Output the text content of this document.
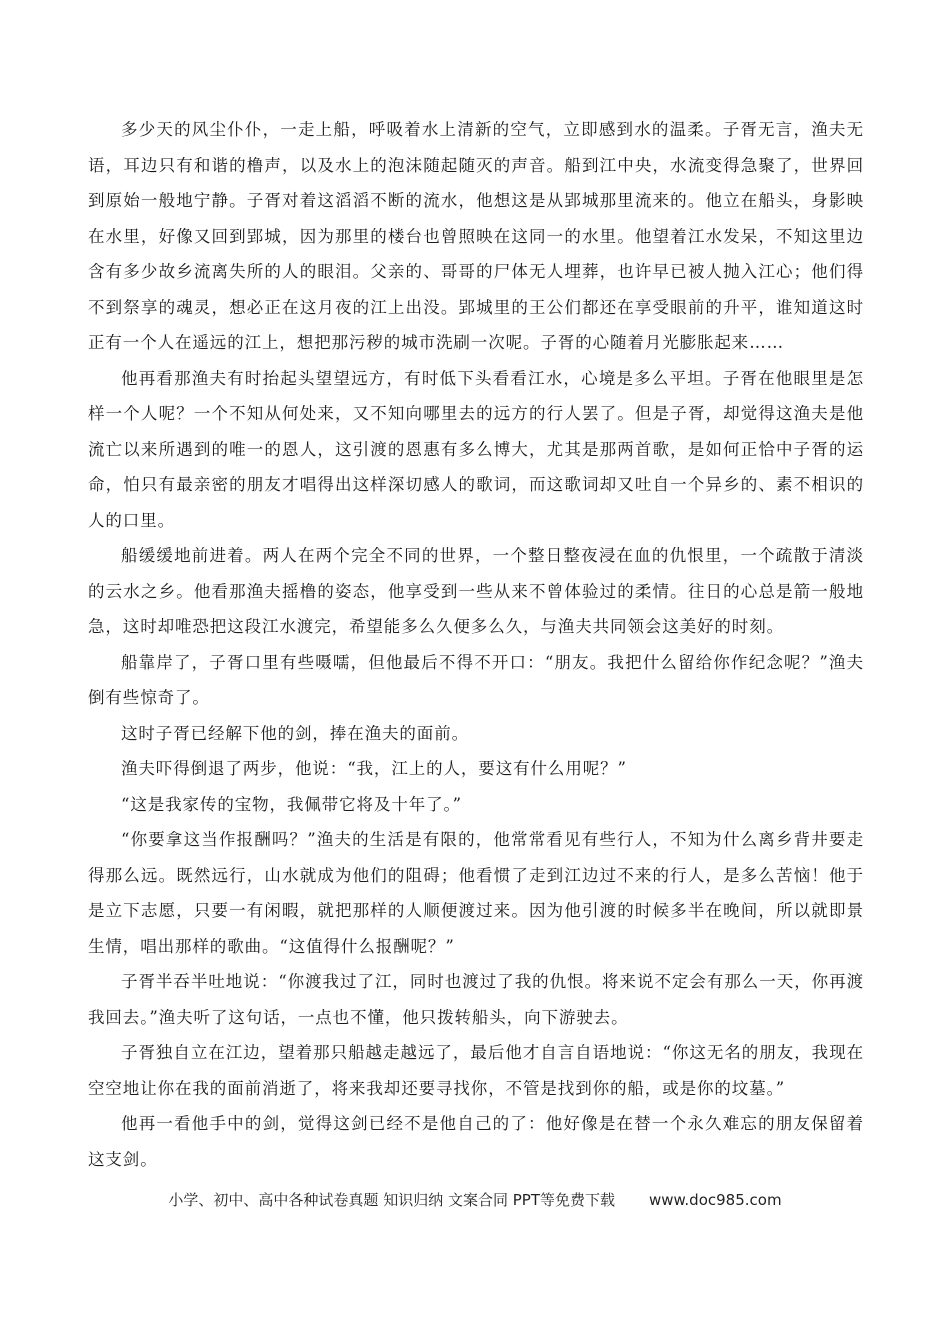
多少天的风尘仆仆，一走上船，呼吸着水上清新的空气，立即感到水的温柔。子胥无言，渔夫无语，耳边只有和谐的橹声，以及水上的泡沫随起随灭的声音。船到江中央，水流变得急聚了，世界回到原始一般地宁静。子胥对着这滔滔不断的流水，他想这是从郢城那里流来的。他立在船头，身影映在水里，好像又回到郢城，因为那里的楼台也曾照映在这同一的水里。他望着江水发呆，不知这里边含有多少故乡流离失所的人的眼泪。父亲的、哥哥的尸体无人埋葬，也许早已被人抛入江心；他们得不到祭享的魂灵，想必正在这月夜的江上出没。郢城里的王公们都还在享受眼前的升平，谁知道这时正有一个人在遥远的江上，想把那污秽的城市洗刷一次呢。子胥的心随着月光膨胀起来……

他再看那渔夫有时抬起头望望远方，有时低下头看看江水，心境是多么平坦。子胥在他眼里是怎样一个人呢？一个不知从何处来，又不知向哪里去的远方的行人罢了。但是子胥，却觉得这渔夫是他流亡以来所遇到的唯一的恩人，这引渡的恩惠有多么博大，尤其是那两首歌，是如何正恰中子胥的运命，怕只有最亲密的朋友才唱得出这样深切感人的歌词，而这歌词却又吐自一个异乡的、素不相识的人的口里。

船缓缓地前进着。两人在两个完全不同的世界，一个整日整夜浸在血的仇恨里，一个疏散于清淡的云水之乡。他看那渔夫摇橹的姿态，他享受到一些从来不曾体验过的柔情。往日的心总是箭一般地急，这时却唯恐把这段江水渡完，希望能多么久便多么久，与渔夫共同领会这美好的时刻。

船靠岸了，子胥口里有些嗫嚅，但他最后不得不开口：“朋友。我把什么留给你作纪念呢？”渔夫倒有些惊奇了。

这时子胥已经解下他的剑，捧在渔夫的面前。

渔夫吓得倒退了两步，他说：“我，江上的人，要这有什么用呢？”

“这是我家传的宝物，我佩带它将及十年了。”

“你要拿这当作报酬吗？”渔夫的生活是有限的，他常常看见有些行人，不知为什么离乡背井要走得那么远。既然远行，山水就成为他们的阻碍；他看惯了走到江边过不来的行人，是多么苦恼！他于是立下志愿，只要一有闲暇，就把那样的人顺便渡过来。因为他引渡的时候多半在晚间，所以就即景生情，唱出那样的歌曲。“这值得什么报酬呢？”

子胥半吞半吐地说：“你渡我过了江，同时也渡过了我的仇恨。将来说不定会有那么一天，你再渡我回去。”渔夫听了这句话，一点也不懂，他只拨转船头，向下游驶去。

子胥独自立在江边，望着那只船越走越远了，最后他才自言自语地说：“你这无名的朋友，我现在空空地让你在我的面前消逝了，将来我却还要寻找你，不管是找到你的船，或是你的坟墓。”

他再一看他手中的剑，觉得这剑已经不是他自己的了：他好像是在替一个永久难忘的朋友保留着这支剑。

小学、初中、高中各种试卷真题 知识归纳 文案合同 PPT等免费下载 www.doc985.com
